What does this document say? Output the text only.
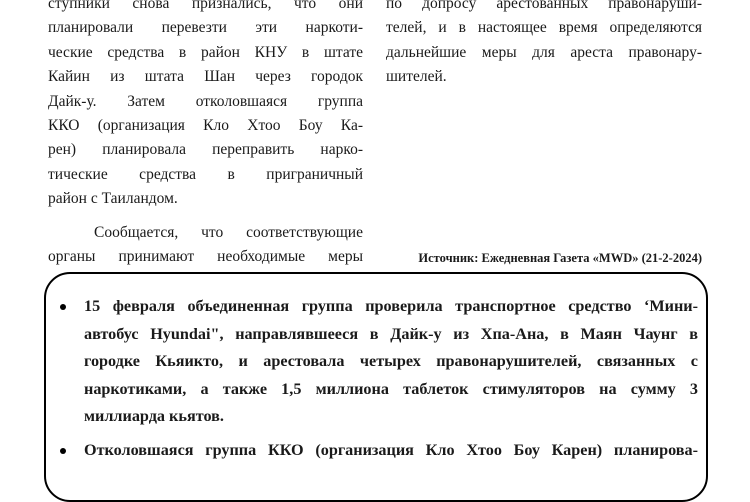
ступники снова признались, что они
планировали перевезти эти наркоти-
ческие средства в район КНУ в штате
Кайин из штата Шан через городок
Дайк-у. Затем отколовшаяся группа
ККО (организация Кло Хтоо Боу Ка-
рен) планировала переправить нарко-
тические средства в приграничный
район с Таиландом.

Сообщается, что соответствующие
органы принимают необходимые меры

по допросу арестованных правонаруши-
телей, и в настоящее время определяются
дальнейшие меры для ареста правонару-
шителей.

Источник: Ежедневная Газета «MWD» (21-2-2024)
15 февраля объединенная группа проверила транспортное средство ‘Мини-
автобус Hyundai", направлявшееся в Дайк-у из Хпа-Ана, в Маян Чаунг в
городке Кьяикто, и арестовала четырех правонарушителей, связанных с
наркотиками, а также 1,5 миллиона таблеток стимуляторов на сумму 3
миллиарда кьятов.
Отколовшаяся группа ККО (организация Кло Хтоо Боу Карен) планирова-
